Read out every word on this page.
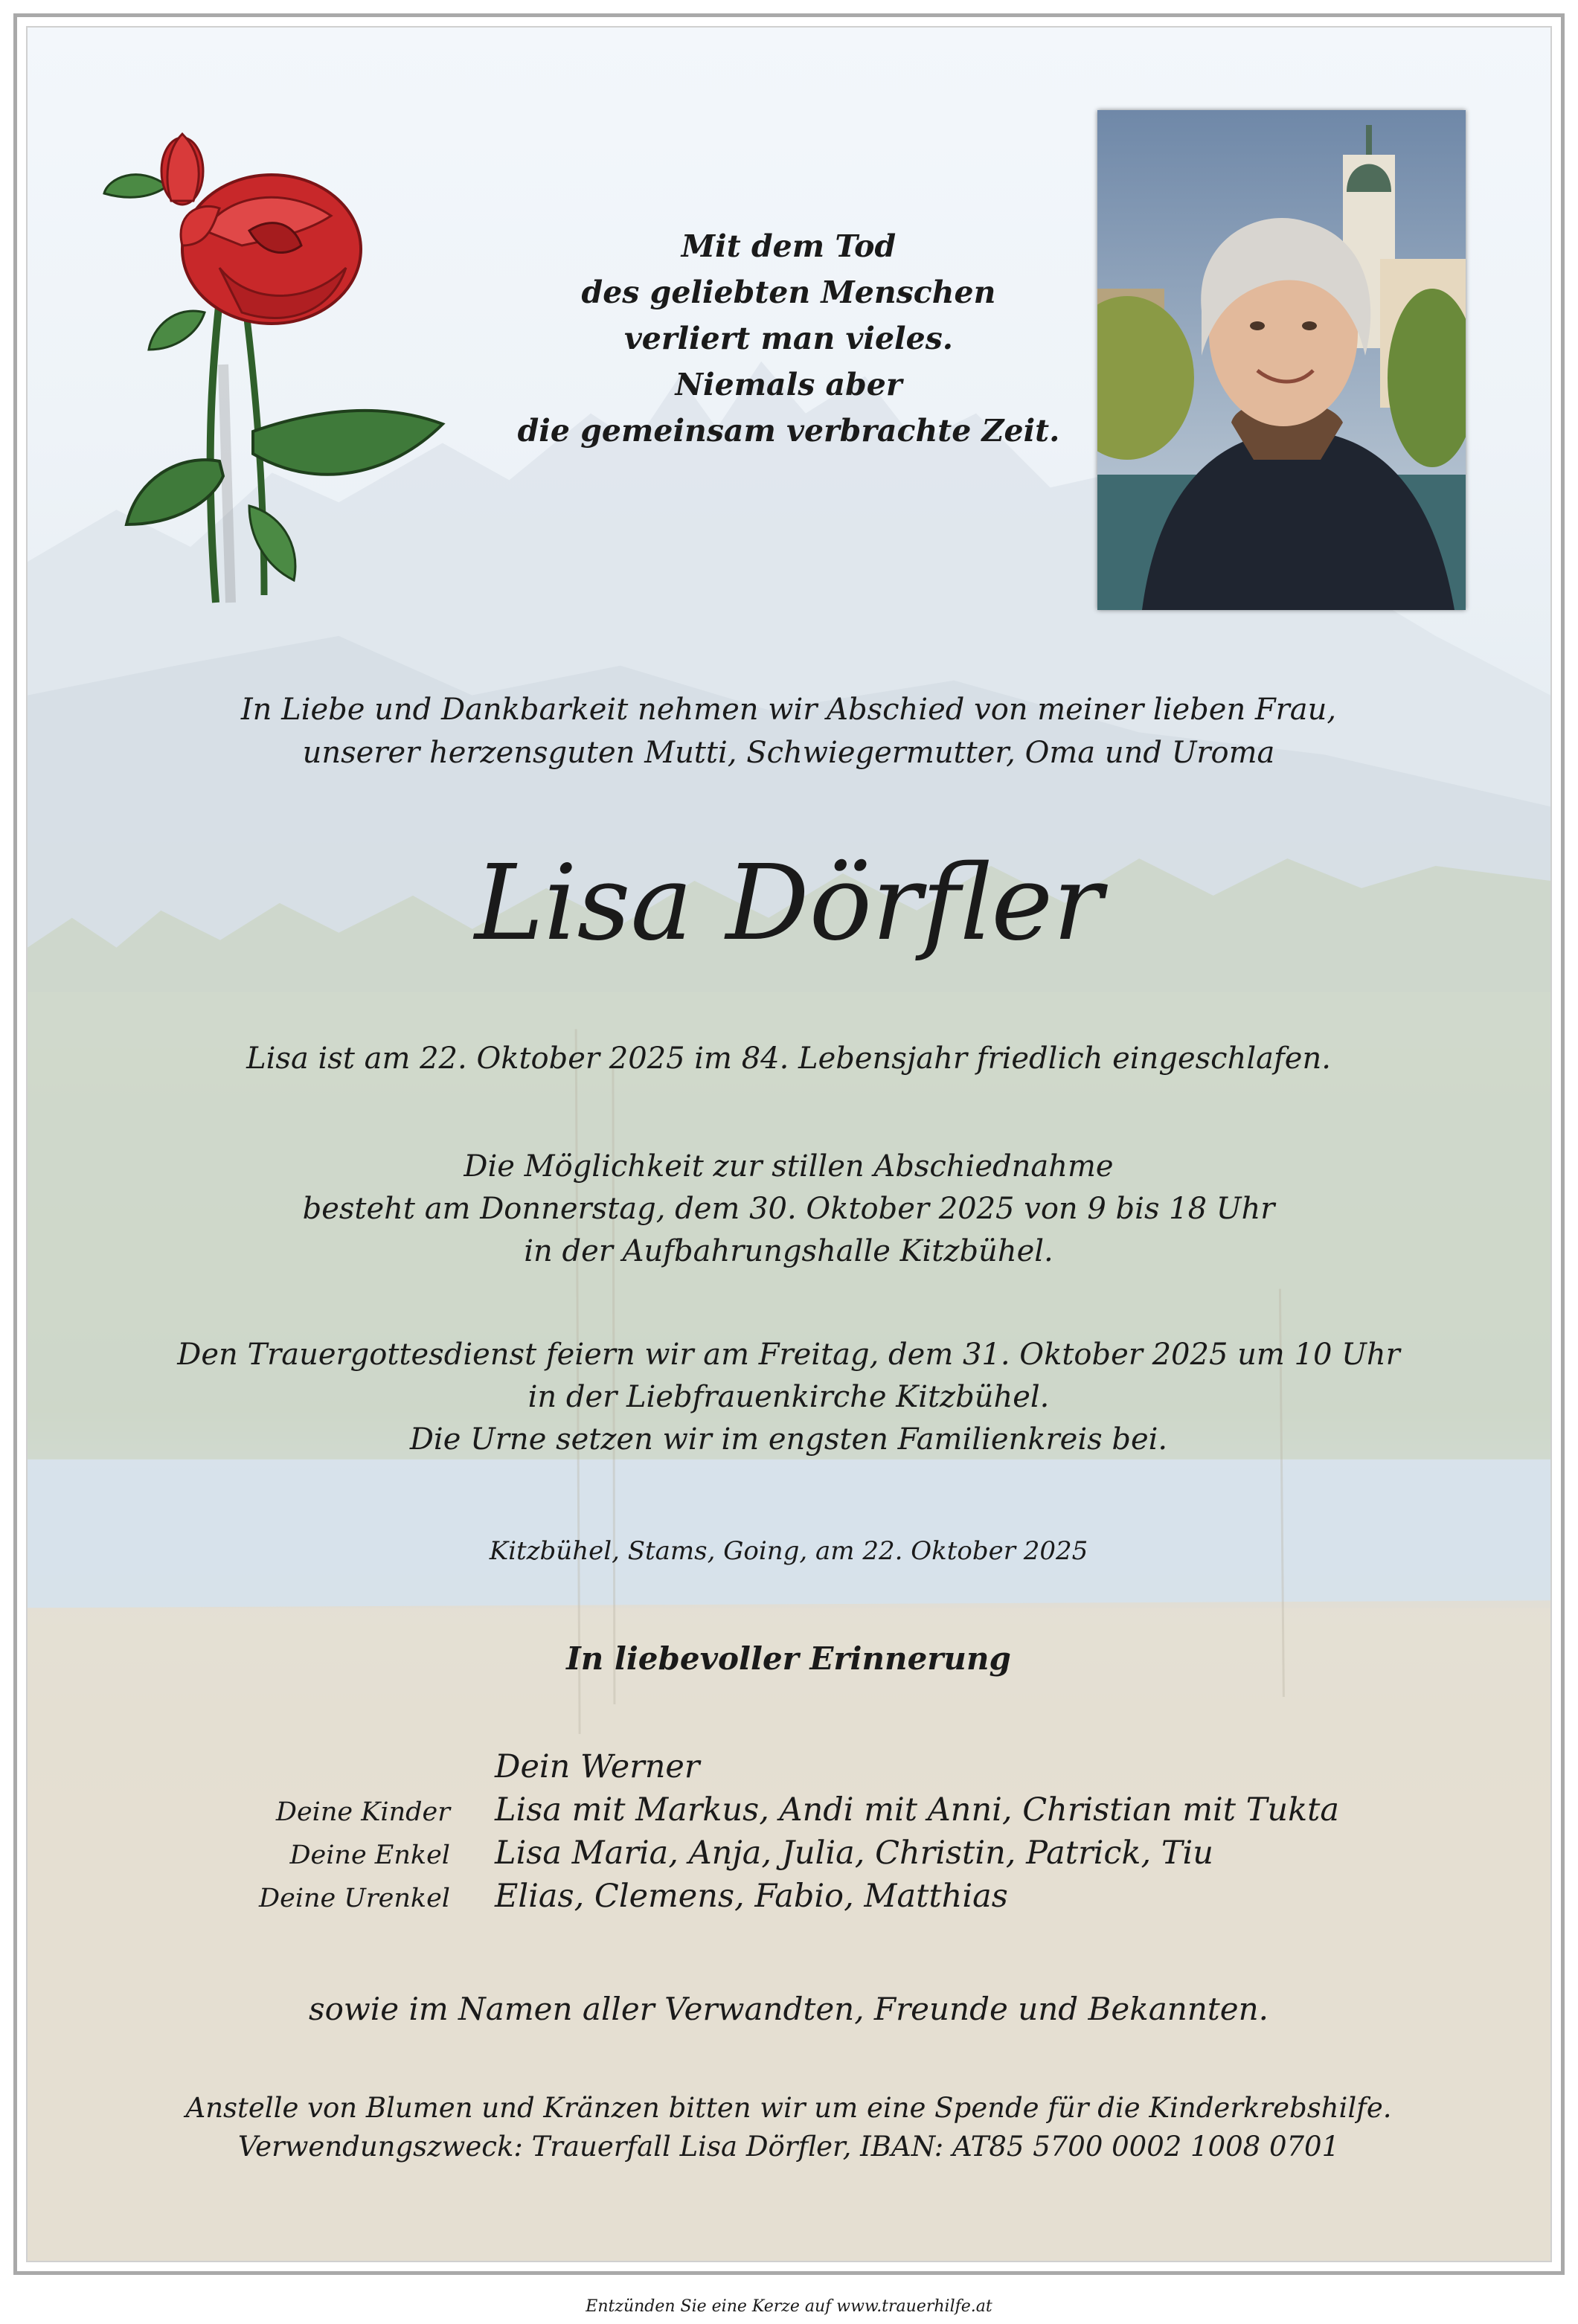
Mit dem Tod
des geliebten Menschen
verliert man vieles.
Niemals aber
die gemeinsam verbrachte Zeit.
In Liebe und Dankbarkeit nehmen wir Abschied von meiner lieben Frau,
unserer herzensguten Mutti, Schwiegermutter, Oma und Uroma
Lisa Dörfler
Lisa ist am 22. Oktober 2025 im 84. Lebensjahr friedlich eingeschlafen.
Die Möglichkeit zur stillen Abschiednahme
besteht am Donnerstag, dem 30. Oktober 2025 von 9 bis 18 Uhr
in der Aufbahrungshalle Kitzbühel.
Den Trauergottesdienst feiern wir am Freitag, dem 31. Oktober 2025 um 10 Uhr
in der Liebfrauenkirche Kitzbühel.
Die Urne setzen wir im engsten Familienkreis bei.
Kitzbühel, Stams, Going, am 22. Oktober 2025
In liebevoller Erinnerung
Dein Werner
Deine Kinder	Lisa mit Markus, Andi mit Anni, Christian mit Tukta
Deine Enkel	Lisa Maria, Anja, Julia, Christin, Patrick, Tiu
Deine Urenkel	Elias, Clemens, Fabio, Matthias
sowie im Namen aller Verwandten, Freunde und Bekannten.
Anstelle von Blumen und Kränzen bitten wir um eine Spende für die Kinderkrebshilfe.
Verwendungszweck: Trauerfall Lisa Dörfler, IBAN: AT85 5700 0002 1008 0701
Entzünden Sie eine Kerze auf www.trauerhilfe.at
